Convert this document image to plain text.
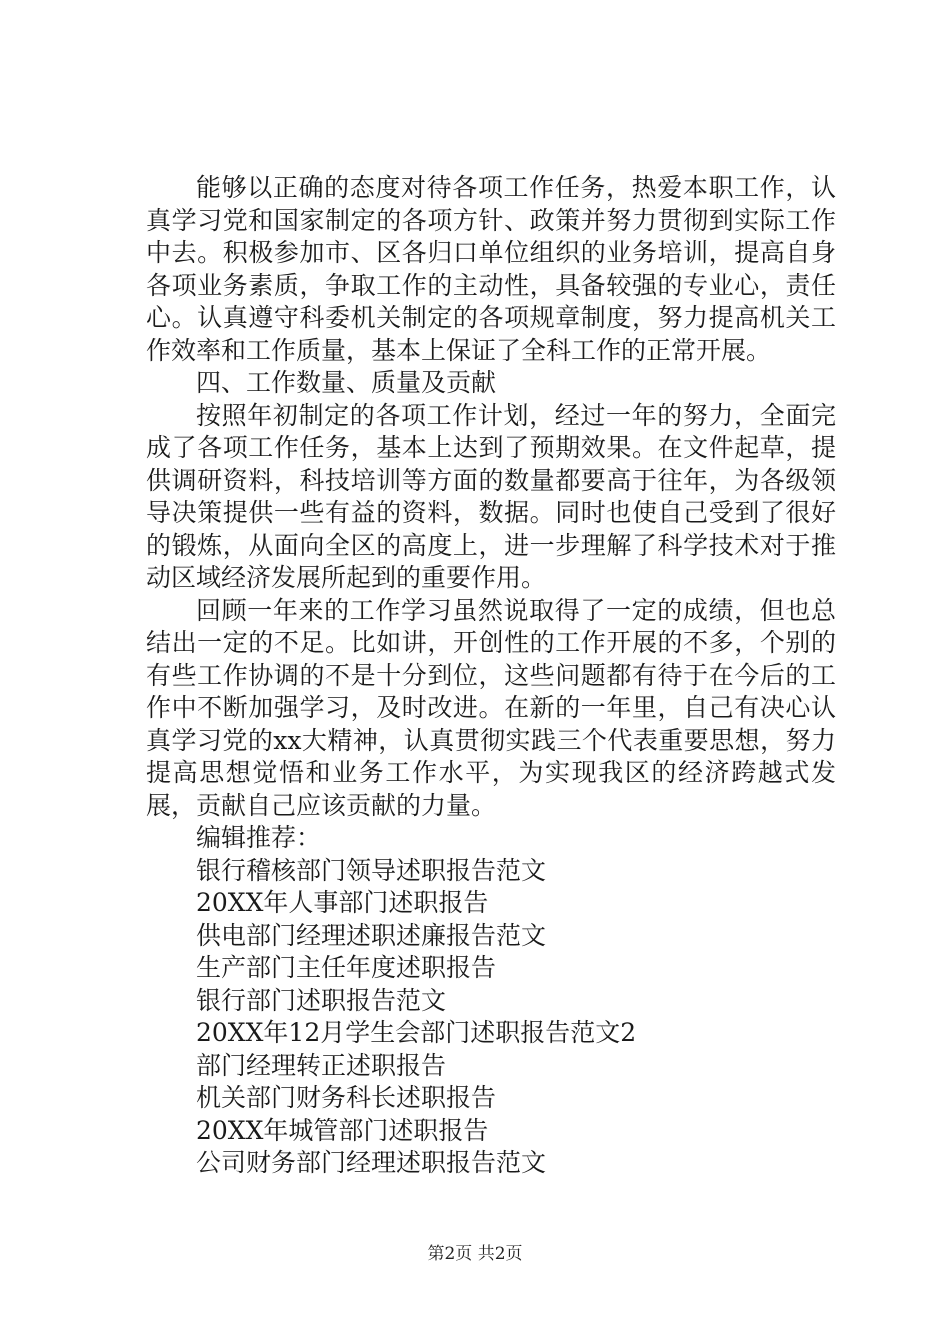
能够以正确的态度对待各项工作任务，热爱本职工作，认真学习党和国家制定的各项方针、政策并努力贯彻到实际工作中去。积极参加市、区各归口单位组织的业务培训，提高自身各项业务素质，争取工作的主动性，具备较强的专业心，责任心。认真遵守科委机关制定的各项规章制度，努力提高机关工作效率和工作质量，基本上保证了全科工作的正常开展。

四、工作数量、质量及贡献

按照年初制定的各项工作计划，经过一年的努力，全面完成了各项工作任务，基本上达到了预期效果。在文件起草，提供调研资料，科技培训等方面的数量都要高于往年，为各级领导决策提供一些有益的资料，数据。同时也使自己受到了很好的锻炼，从面向全区的高度上，进一步理解了科学技术对于推动区域经济发展所起到的重要作用。

回顾一年来的工作学习虽然说取得了一定的成绩，但也总结出一定的不足。比如讲，开创性的工作开展的不多，个别的有些工作协调的不是十分到位，这些问题都有待于在今后的工作中不断加强学习，及时改进。在新的一年里，自己有决心认真学习党的xx大精神，认真贯彻实践三个代表重要思想，努力提高思想觉悟和业务工作水平，为实现我区的经济跨越式发展，贡献自己应该贡献的力量。

编辑推荐：

银行稽核部门领导述职报告范文
20XX年人事部门述职报告
供电部门经理述职述廉报告范文
生产部门主任年度述职报告
银行部门述职报告范文
20XX年12月学生会部门述职报告范文2
部门经理转正述职报告
机关部门财务科长述职报告
20XX年城管部门述职报告
公司财务部门经理述职报告范文
第2页 共2页
